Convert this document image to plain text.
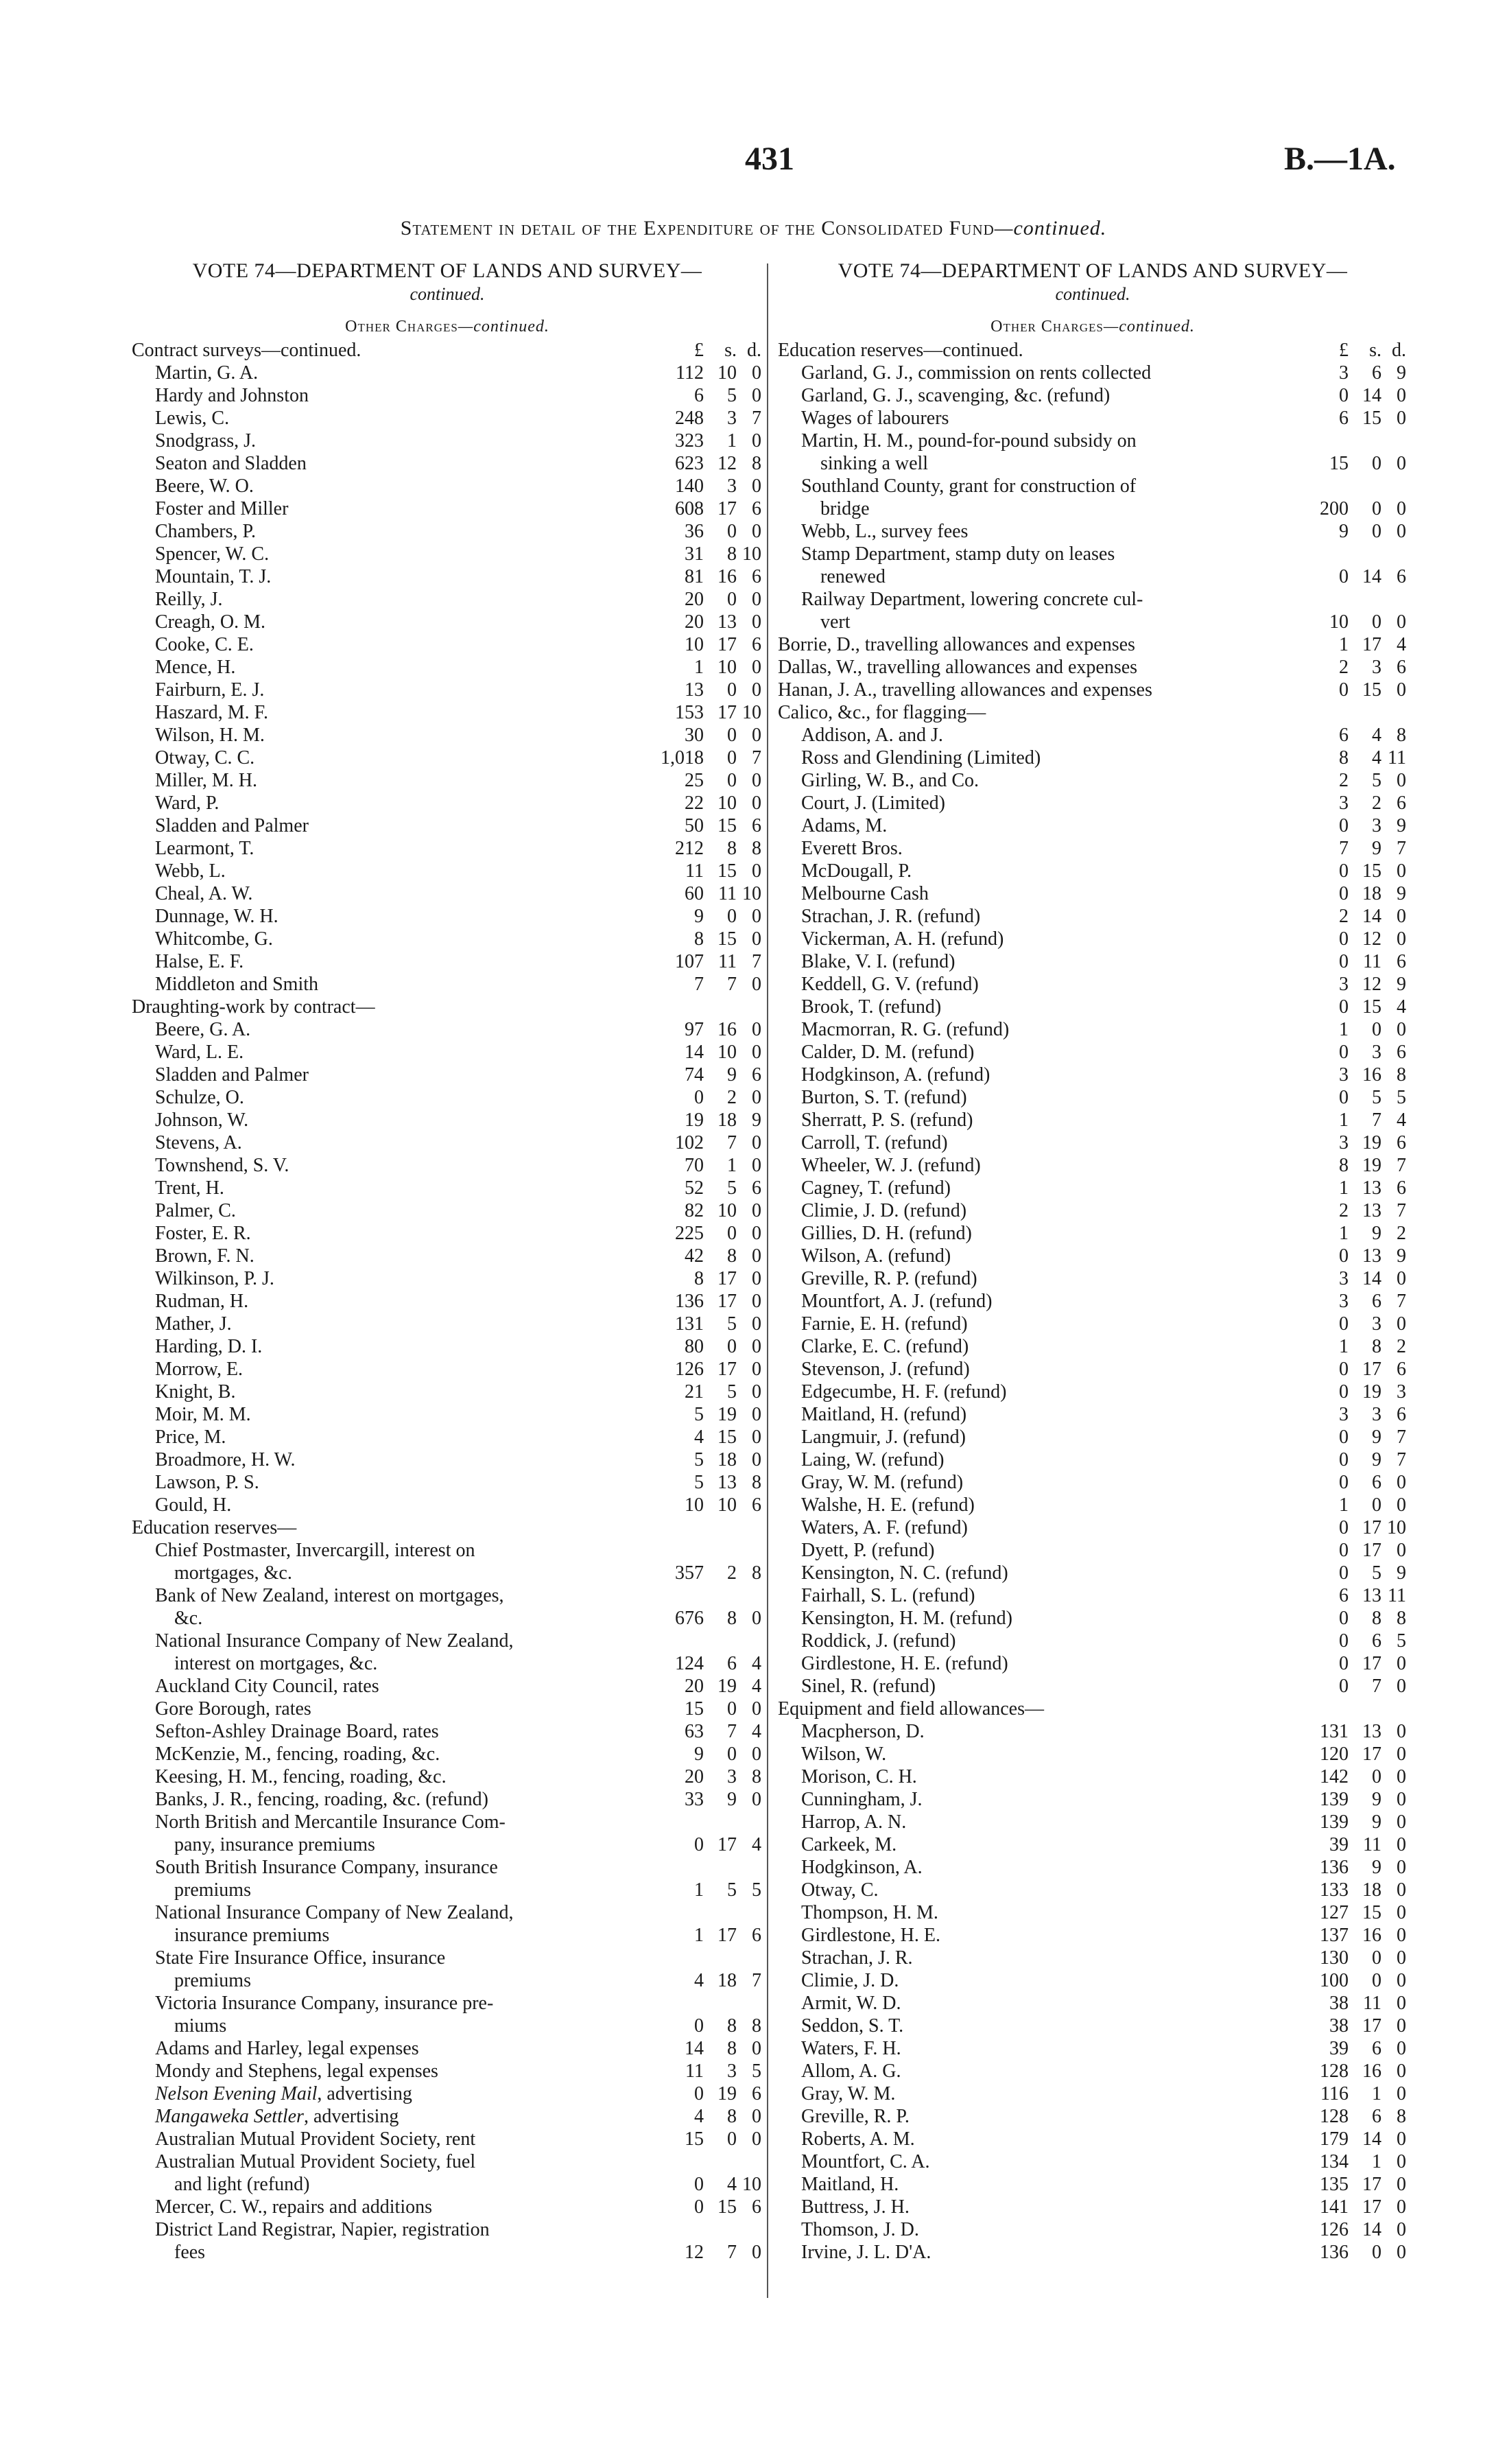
431	B.—1A.
Statement in detail of the Expenditure of the Consolidated Fund—continued.
VOTE 74—DEPARTMENT OF LANDS AND SURVEY—
continued.
Other Charges—continued.
Contract surveys—continued.	£	s. d.
Martin, G. A.	112 10 0
Hardy and Johnston	6	5 0
Lewis, C.	248	3 7
Snodgrass, J.	323	1 0
Seaton and Sladden	623 12 8
Beere, W. O.	140	3 0
Foster and Miller	608 17 6
Chambers, P.	36	0 0
Spencer, W. C.	31	8 10
Mountain, T. J.	81 16 6
Reilly, J.	20	0 0
Creagh, O. M.	20 13 0
Cooke, C. E.	10 17 6
Mence, H.	1 10 0
Fairburn, E. J.	13	0 0
Haszard, M. F.	153 17 10
Wilson, H. M.	30	0 0
Otway, C. C.	1,018	0 7
Miller, M. H.	25	0 0
Ward, P.	22 10 0
Sladden and Palmer	50 15 6
Learmont, T.	212	8 8
Webb, L.	11 15 0
Cheal, A. W.	60 11 10
Dunnage, W. H.	9	0 0
Whitcombe, G.	8 15 0
Halse, E. F.	107 11 7
Middleton and Smith	7	7 0
Draughting-work by contract—
Beere, G. A.	97 16 0
Ward, L. E.	14 10 0
Sladden and Palmer	74	9 6
Schulze, O.	0	2 0
Johnson, W.	19 18 9
Stevens, A.	102	7 0
Townshend, S. V.	70	1 0
Trent, H.	52	5 6
Palmer, C.	82 10 0
Foster, E. R.	225	0 0
Brown, F. N.	42	8 0
Wilkinson, P. J.	8 17 0
Rudman, H.	136 17 0
Mather, J.	131	5 0
Harding, D. I.	80	0 0
Morrow, E.	126 17 0
Knight, B.	21	5 0
Moir, M. M.	5 19 0
Price, M.	4 15 0
Broadmore, H. W.	5 18 0
Lawson, P. S.	5 13 8
Gould, H.	10 10 6
Education reserves—
Chief Postmaster, Invercargill, interest on
mortgages, &c.	357	2 8
Bank of New Zealand, interest on mortgages,
&c.	676	8 0
National Insurance Company of New Zealand,
interest on mortgages, &c.	124	6 4
Auckland City Council, rates	20 19 4
Gore Borough, rates	15	0 0
Sefton-Ashley Drainage Board, rates	63	7 4
McKenzie, M., fencing, roading, &c.	9	0 0
Keesing, H. M., fencing, roading, &c.	20	3 8
Banks, J. R., fencing, roading, &c. (refund)	33	9 0
North British and Mercantile Insurance Com-
pany, insurance premiums	0 17 4
South British Insurance Company, insurance
premiums	1	5 5
National Insurance Company of New Zealand,
insurance premiums	1 17 6
State Fire Insurance Office, insurance
premiums	4 18 7
Victoria Insurance Company, insurance pre-
miums	0	8 8
Adams and Harley, legal expenses	14	8 0
Mondy and Stephens, legal expenses	11	3 5
Nelson Evening Mail, advertising	0 19 6
Mangaweka Settler, advertising	4	8 0
Australian Mutual Provident Society, rent	15	0 0
Australian Mutual Provident Society, fuel
and light (refund)	0	4 10
Mercer, C. W., repairs and additions	0 15 6
District Land Registrar, Napier, registration
fees	12	7 0
VOTE 74—DEPARTMENT OF LANDS AND SURVEY—
continued.
Other Charges—continued.
Education reserves—continued.	£	s. d.
Garland, G. J., commission on rents collected	3	6 9
Garland, G. J., scavenging, &c. (refund)	0 14 0
Wages of labourers	6 15 0
Martin, H. M., pound-for-pound subsidy on
sinking a well	15	0 0
Southland County, grant for construction of
bridge	200	0 0
Webb, L., survey fees	9	0 0
Stamp Department, stamp duty on leases
renewed	0 14 6
Railway Department, lowering concrete cul-
vert	10	0 0
Borrie, D., travelling allowances and expenses	1 17 4
Dallas, W., travelling allowances and expenses	2	3 6
Hanan, J. A., travelling allowances and expenses	0 15 0
Calico, &c., for flagging—
Addison, A. and J.	6	4 8
Ross and Glendining (Limited)	8	4 11
Girling, W. B., and Co.	2	5 0
Court, J. (Limited)	3	2 6
Adams, M.	0	3 9
Everett Bros.	7	9 7
McDougall, P.	0 15 0
Melbourne Cash	0 18 9
Strachan, J. R. (refund)	2 14 0
Vickerman, A. H. (refund)	0 12 0
Blake, V. I. (refund)	0 11 6
Keddell, G. V. (refund)	3 12 9
Brook, T. (refund)	0 15 4
Macmorran, R. G. (refund)	1	0 0
Calder, D. M. (refund)	0	3 6
Hodgkinson, A. (refund)	3 16 8
Burton, S. T. (refund)	0	5 5
Sherratt, P. S. (refund)	1	7 4
Carroll, T. (refund)	3 19 6
Wheeler, W. J. (refund)	8 19 7
Cagney, T. (refund)	1 13 6
Climie, J. D. (refund)	2 13 7
Gillies, D. H. (refund)	1	9 2
Wilson, A. (refund)	0 13 9
Greville, R. P. (refund)	3 14 0
Mountfort, A. J. (refund)	3	6 7
Farnie, E. H. (refund)	0	3 0
Clarke, E. C. (refund)	1	8 2
Stevenson, J. (refund)	0 17 6
Edgecumbe, H. F. (refund)	0 19 3
Maitland, H. (refund)	3	3 6
Langmuir, J. (refund)	0	9 7
Laing, W. (refund)	0	9 7
Gray, W. M. (refund)	0	6 0
Walshe, H. E. (refund)	1	0 0
Waters, A. F. (refund)	0 17 10
Dyett, P. (refund)	0 17 0
Kensington, N. C. (refund)	0	5 9
Fairhall, S. L. (refund)	6 13 11
Kensington, H. M. (refund)	0	8 8
Roddick, J. (refund)	0	6 5
Girdlestone, H. E. (refund)	0 17 0
Sinel, R. (refund)	0	7 0
Equipment and field allowances—
Macpherson, D.	131 13 0
Wilson, W.	120 17 0
Morison, C. H.	142	0 0
Cunningham, J.	139	9 0
Harrop, A. N.	139	9 0
Carkeek, M.	39 11 0
Hodgkinson, A.	136	9 0
Otway, C.	133 18 0
Thompson, H. M.	127 15 0
Girdlestone, H. E.	137 16 0
Strachan, J. R.	130	0 0
Climie, J. D.	100	0 0
Armit, W. D.	38 11 0
Seddon, S. T.	38 17 0
Waters, F. H.	39	6 0
Allom, A. G.	128 16 0
Gray, W. M.	116	1 0
Greville, R. P.	128	6 8
Roberts, A. M.	179 14 0
Mountfort, C. A.	134	1 0
Maitland, H.	135 17 0
Buttress, J. H.	141 17 0
Thomson, J. D.	126 14 0
Irvine, J. L. D'A.	136	0 0
